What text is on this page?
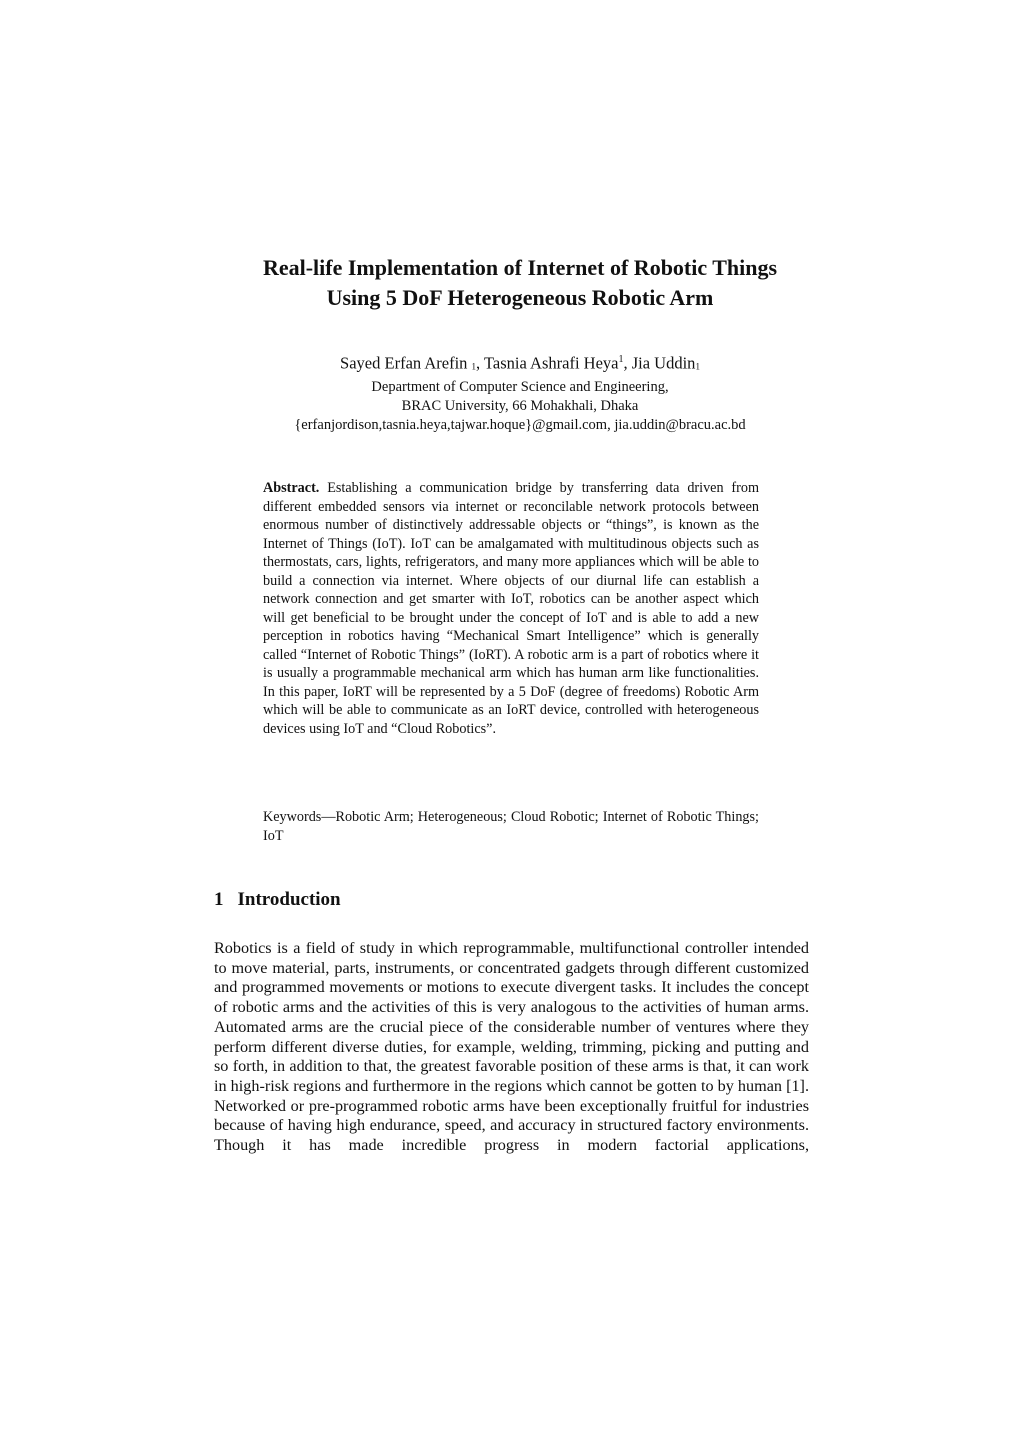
Real-life Implementation of Internet of Robotic Things
Using 5 DoF Heterogeneous Robotic Arm
Sayed Erfan Arefin 1, Tasnia Ashrafi Heya$^1$, Jia Uddin1
Department of Computer Science and Engineering,
BRAC University, 66 Mohakhali, Dhaka
{erfanjordison,tasnia.heya,tajwar.hoque}@gmail.com, jia.uddin@bracu.ac.bd
Abstract. Establishing a communication bridge by transferring data driven from different embedded sensors via internet or reconcilable network protocols between enormous number of distinctively addressable objects or “things”, is known as the Internet of Things (IoT). IoT can be amalgamated with multitudinous objects such as thermostats, cars, lights, refrigerators, and many more appliances which will be able to build a connection via internet. Where objects of our diurnal life can establish a network connection and get smarter with IoT, robotics can be another aspect which will get beneficial to be brought under the concept of IoT and is able to add a new perception in robotics having “Mechanical Smart Intelligence” which is generally called “Internet of Robotic Things” (IoRT). A robotic arm is a part of robotics where it is usually a programmable mechanical arm which has human arm like functionalities. In this paper, IoRT will be represented by a 5 DoF (degree of freedoms) Robotic Arm which will be able to communicate as an IoRT device, controlled with heterogeneous devices using IoT and “Cloud Robotics”.
Keywords—Robotic Arm; Heterogeneous; Cloud Robotic; Internet of Robotic Things; IoT
1 Introduction
Robotics is a field of study in which reprogrammable, multifunctional controller intended to move material, parts, instruments, or concentrated gadgets through different customized and programmed movements or motions to execute divergent tasks. It includes the concept of robotic arms and the activities of this is very analogous to the activities of human arms. Automated arms are the crucial piece of the considerable number of ventures where they perform different diverse duties, for example, welding, trimming, picking and putting and so forth, in addition to that, the greatest favorable position of these arms is that, it can work in high-risk regions and furthermore in the regions which cannot be gotten to by human [1]. Networked or pre-programmed robotic arms have been exceptionally fruitful for industries because of having high endurance, speed, and accuracy in structured factory environments. Though it has made incredible progress in modern factorial applications,
